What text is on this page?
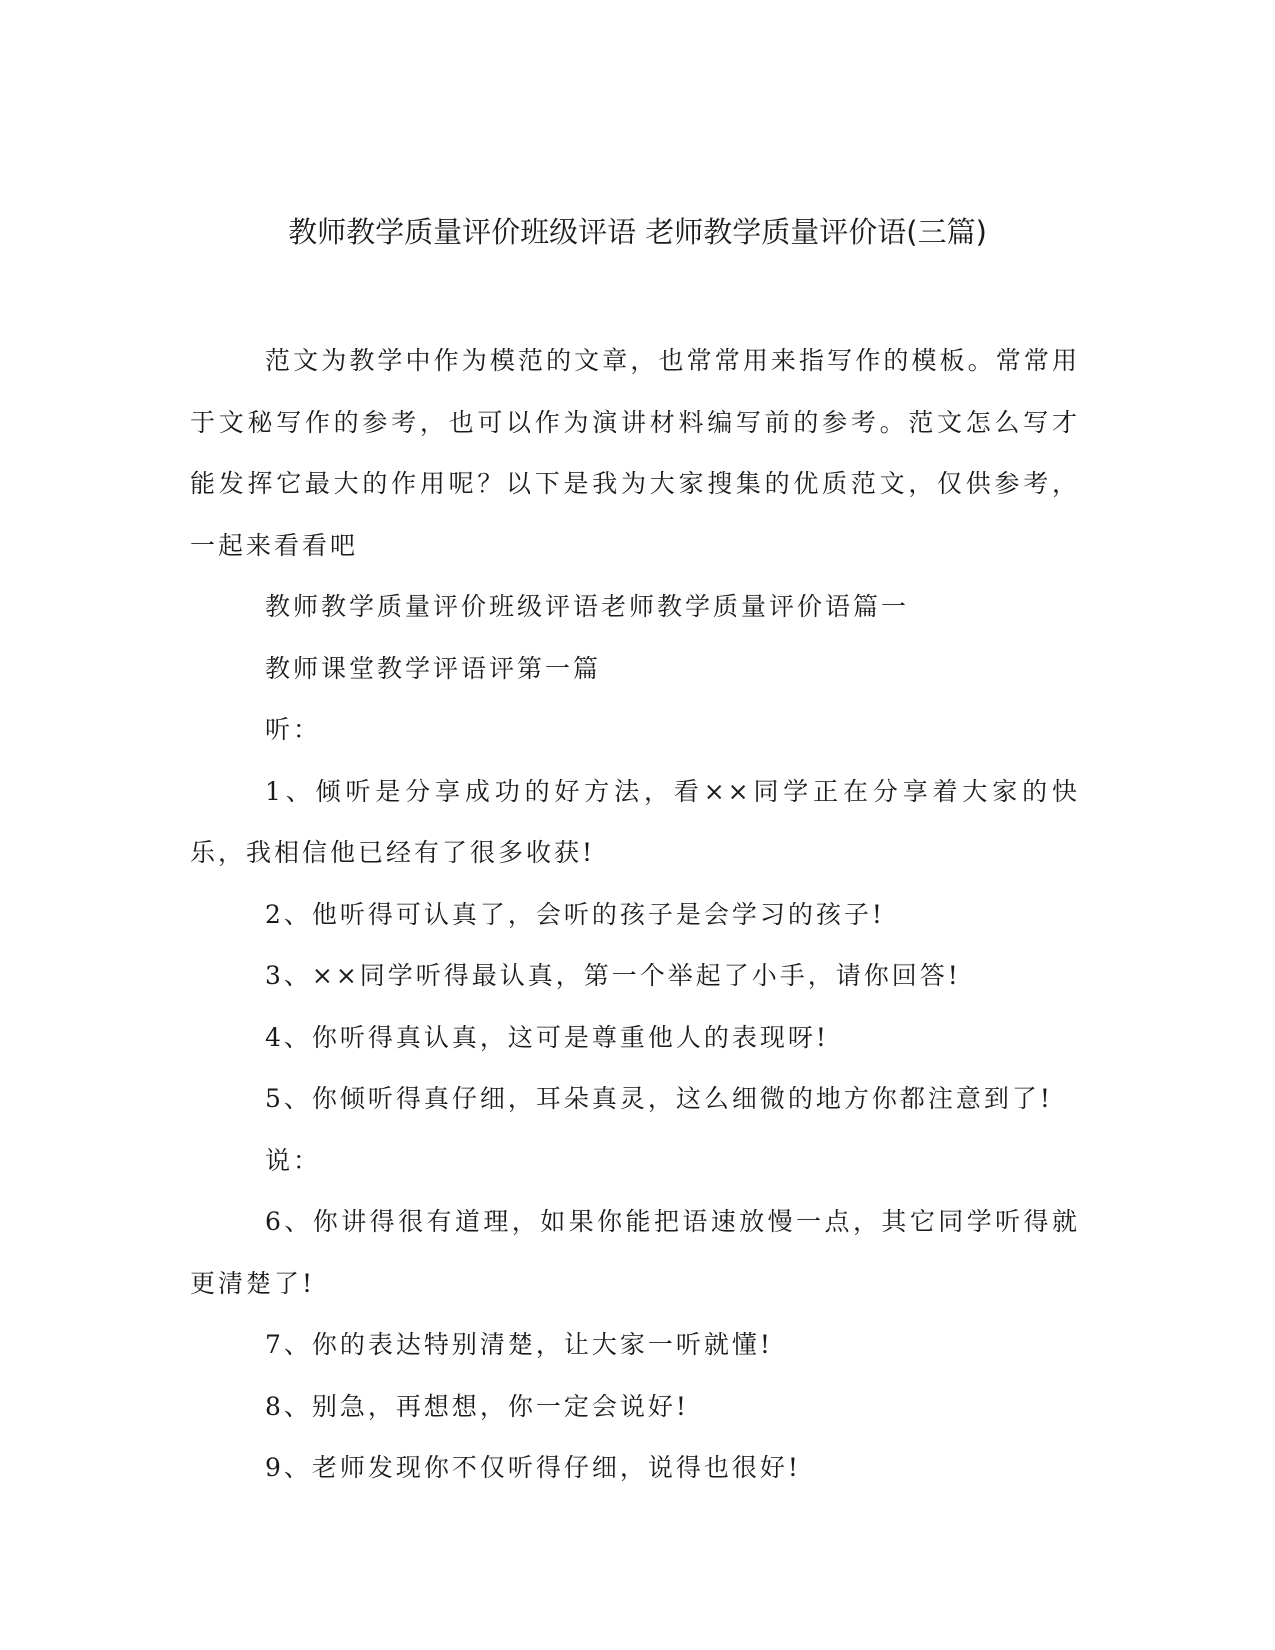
教师教学质量评价班级评语 老师教学质量评价语(三篇)

范文为教学中作为模范的文章，也常常用来指写作的模板。常常用于文秘写作的参考，也可以作为演讲材料编写前的参考。范文怎么写才能发挥它最大的作用呢？以下是我为大家搜集的优质范文，仅供参考，一起来看看吧

教师教学质量评价班级评语老师教学质量评价语篇一

教师课堂教学评语评第一篇

听：

1、倾听是分享成功的好方法，看××同学正在分享着大家的快乐，我相信他已经有了很多收获!

2、他听得可认真了，会听的孩子是会学习的孩子!

3、××同学听得最认真，第一个举起了小手，请你回答!

4、你听得真认真，这可是尊重他人的表现呀!

5、你倾听得真仔细，耳朵真灵，这么细微的地方你都注意到了!

说：

6、你讲得很有道理，如果你能把语速放慢一点，其它同学听得就更清楚了!

7、你的表达特别清楚，让大家一听就懂!

8、别急，再想想，你一定会说好!

9、老师发现你不仅听得仔细，说得也很好!
